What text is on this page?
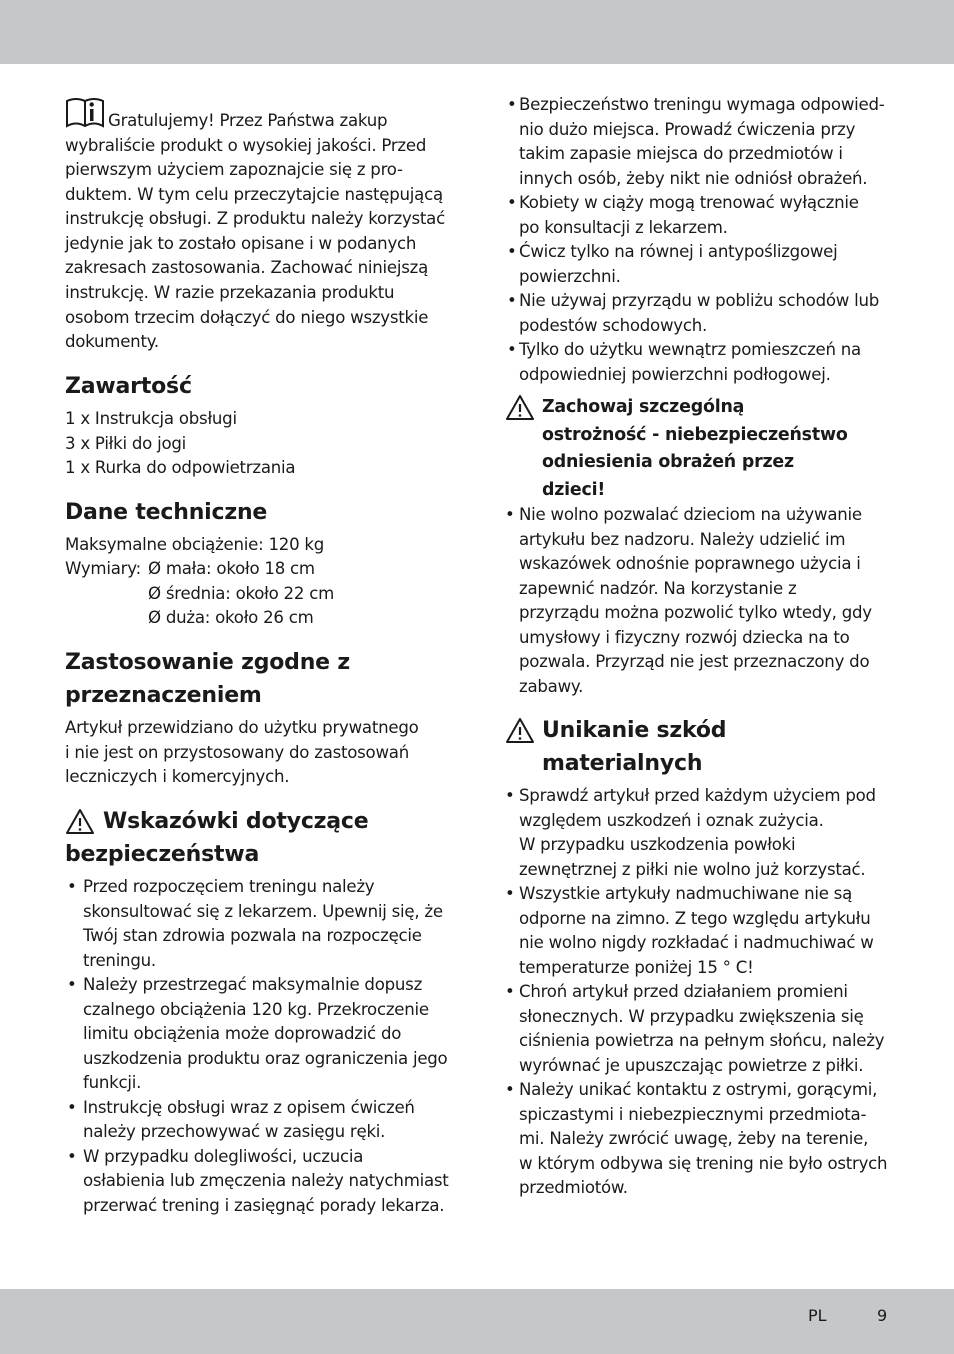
Gratulujemy! Przez Państwa zakup
wybraliście produkt o wysokiej jakości. Przed
pierwszym użyciem zapoznajcie się z pro-
duktem. W tym celu przeczytajcie następującą
instrukcję obsługi. Z produktu należy korzystać
jedynie jak to zostało opisane i w podanych
zakresach zastosowania. Zachować niniejszą
instrukcję. W razie przekazania produktu
osobom trzecim dołączyć do niego wszystkie
dokumenty.
Zawartość
1 x Instrukcja obsługi
3 x Piłki do jogi
1 x Rurka do odpowietrzania
Dane techniczne
Maksymalne obciążenie: 120 kg
Wymiary: Ø mała: około 18 cm
Ø średnia: około 22 cm
Ø duża: około 26 cm
Zastosowanie zgodne z
przeznaczeniem
Artykuł przewidziano do użytku prywatnego
i nie jest on przystosowany do zastosowań
leczniczych i komercyjnych.
Wskazówki dotyczące
bezpieczeństwa
• Przed rozpoczęciem treningu należy
skonsultować się z lekarzem. Upewnij się, że
Twój stan zdrowia pozwala na rozpoczęcie
treningu.
• Należy przestrzegać maksymalnie dopusz
czalnego obciążenia 120 kg. Przekroczenie
limitu obciążenia może doprowadzić do
uszkodzenia produktu oraz ograniczenia jego
funkcji.
• Instrukcję obsługi wraz z opisem ćwiczeń
należy przechowywać w zasięgu ręki.
• W przypadku dolegliwości, uczucia
osłabienia lub zmęczenia należy natychmiast
przerwać trening i zasięgnąć porady lekarza.
• Bezpieczeństwo treningu wymaga odpowied-
nio dużo miejsca. Prowadź ćwiczenia przy
takim zapasie miejsca do przedmiotów i
innych osób, żeby nikt nie odniósł obrażeń.
• Kobiety w ciąży mogą trenować wyłącznie
po konsultacji z lekarzem.
• Ćwicz tylko na równej i antypoślizgowej
powierzchni.
• Nie używaj przyrządu w pobliżu schodów lub
podestów schodowych.
• Tylko do użytku wewnątrz pomieszczeń na
odpowiedniej powierzchni podłogowej.
Zachowaj szczególną
ostrożność - niebezpieczeństwo
odniesienia obrażeń przez
dzieci!
• Nie wolno pozwalać dzieciom na używanie
artykułu bez nadzoru. Należy udzielić im
wskazówek odnośnie poprawnego użycia i
zapewnić nadzór. Na korzystanie z
przyrządu można pozwolić tylko wtedy, gdy
umysłowy i fizyczny rozwój dziecka na to
pozwala. Przyrząd nie jest przeznaczony do
zabawy.
Unikanie szkód
materialnych
• Sprawdź artykuł przed każdym użyciem pod
względem uszkodzeń i oznak zużycia.
W przypadku uszkodzenia powłoki
zewnętrznej z piłki nie wolno już korzystać.
• Wszystkie artykuły nadmuchiwane nie są
odporne na zimno. Z tego względu artykułu
nie wolno nigdy rozkładać i nadmuchiwać w
temperaturze poniżej 15 ° C!
• Chroń artykuł przed działaniem promieni
słonecznych. W przypadku zwiększenia się
ciśnienia powietrza na pełnym słońcu, należy
wyrównać je upuszczając powietrze z piłki.
• Należy unikać kontaktu z ostrymi, gorącymi,
spiczastymi i niebezpiecznymi przedmiota-
mi. Należy zwrócić uwagę, żeby na terenie,
w którym odbywa się trening nie było ostrych
przedmiotów.
PL	9
